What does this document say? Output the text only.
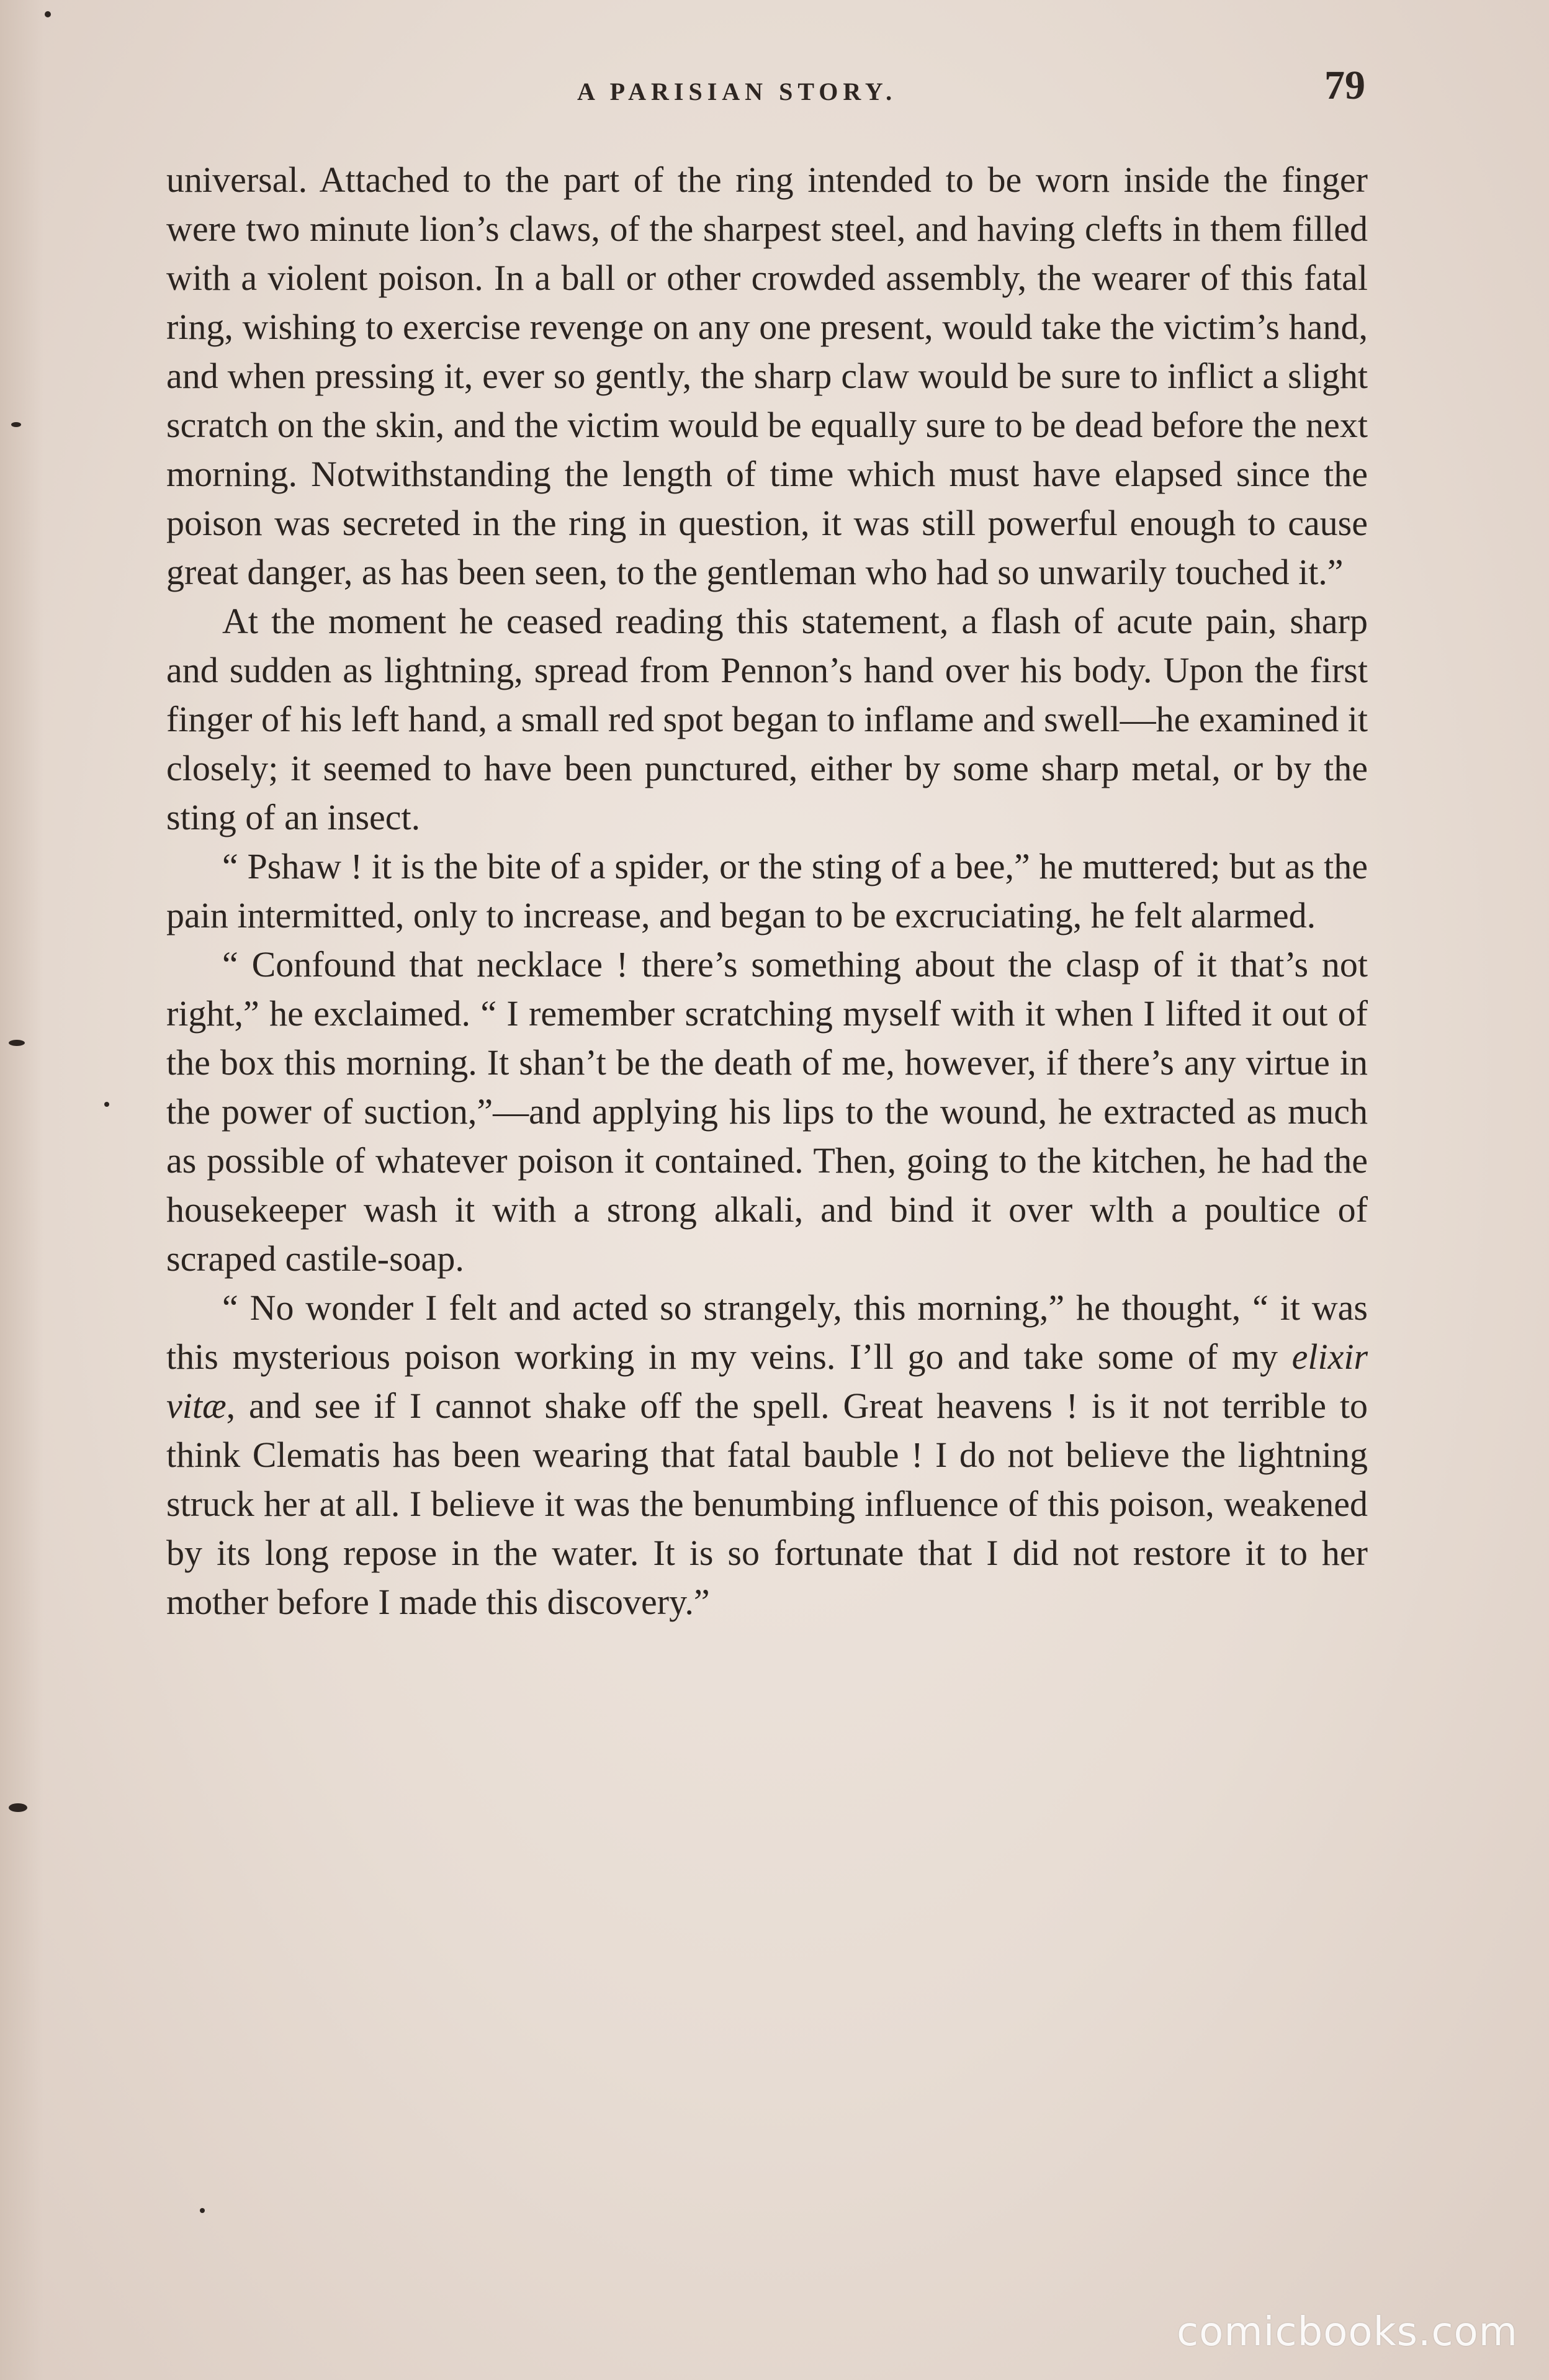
A PARISIAN STORY.	79

universal. Attached to the part of the ring intended to be worn inside the finger were two minute lion’s claws, of the sharpest steel, and having clefts in them filled with a violent poison. In a ball or other crowded assembly, the wearer of this fatal ring, wishing to exercise revenge on any one present, would take the victim’s hand, and when pressing it, ever so gently, the sharp claw would be sure to inflict a slight scratch on the skin, and the victim would be equally sure to be dead before the next morning. Notwithstanding the length of time which must have elapsed since the poison was secreted in the ring in question, it was still powerful enough to cause great danger, as has been seen, to the gentleman who had so unwarily touched it.”

At the moment he ceased reading this statement, a flash of acute pain, sharp and sudden as lightning, spread from Pennon’s hand over his body. Upon the first finger of his left hand, a small red spot began to inflame and swell—he examined it closely; it seemed to have been punctured, either by some sharp metal, or by the sting of an insect.

“ Pshaw ! it is the bite of a spider, or the sting of a bee,” he muttered; but as the pain intermitted, only to increase, and began to be excruciating, he felt alarmed.

“ Confound that necklace ! there’s something about the clasp of it that’s not right,” he exclaimed. “ I remember scratching myself with it when I lifted it out of the box this morning. It shan’t be the death of me, however, if there’s any virtue in the power of suction,”—and applying his lips to the wound, he extracted as much as possible of whatever poison it contained. Then, going to the kitchen, he had the housekeeper wash it with a strong alkali, and bind it over wlth a poultice of scraped castile-soap.

“ No wonder I felt and acted so strangely, this morning,” he thought, “ it was this mysterious poison working in my veins. I’ll go and take some of my elixir vitæ, and see if I cannot shake off the spell. Great heavens ! is it not terrible to think Clematis has been wearing that fatal bauble ! I do not believe the lightning struck her at all. I believe it was the benumbing influence of this poison, weakened by its long repose in the water. It is so fortunate that I did not restore it to her mother before I made this discovery.”

comicbooks.com
